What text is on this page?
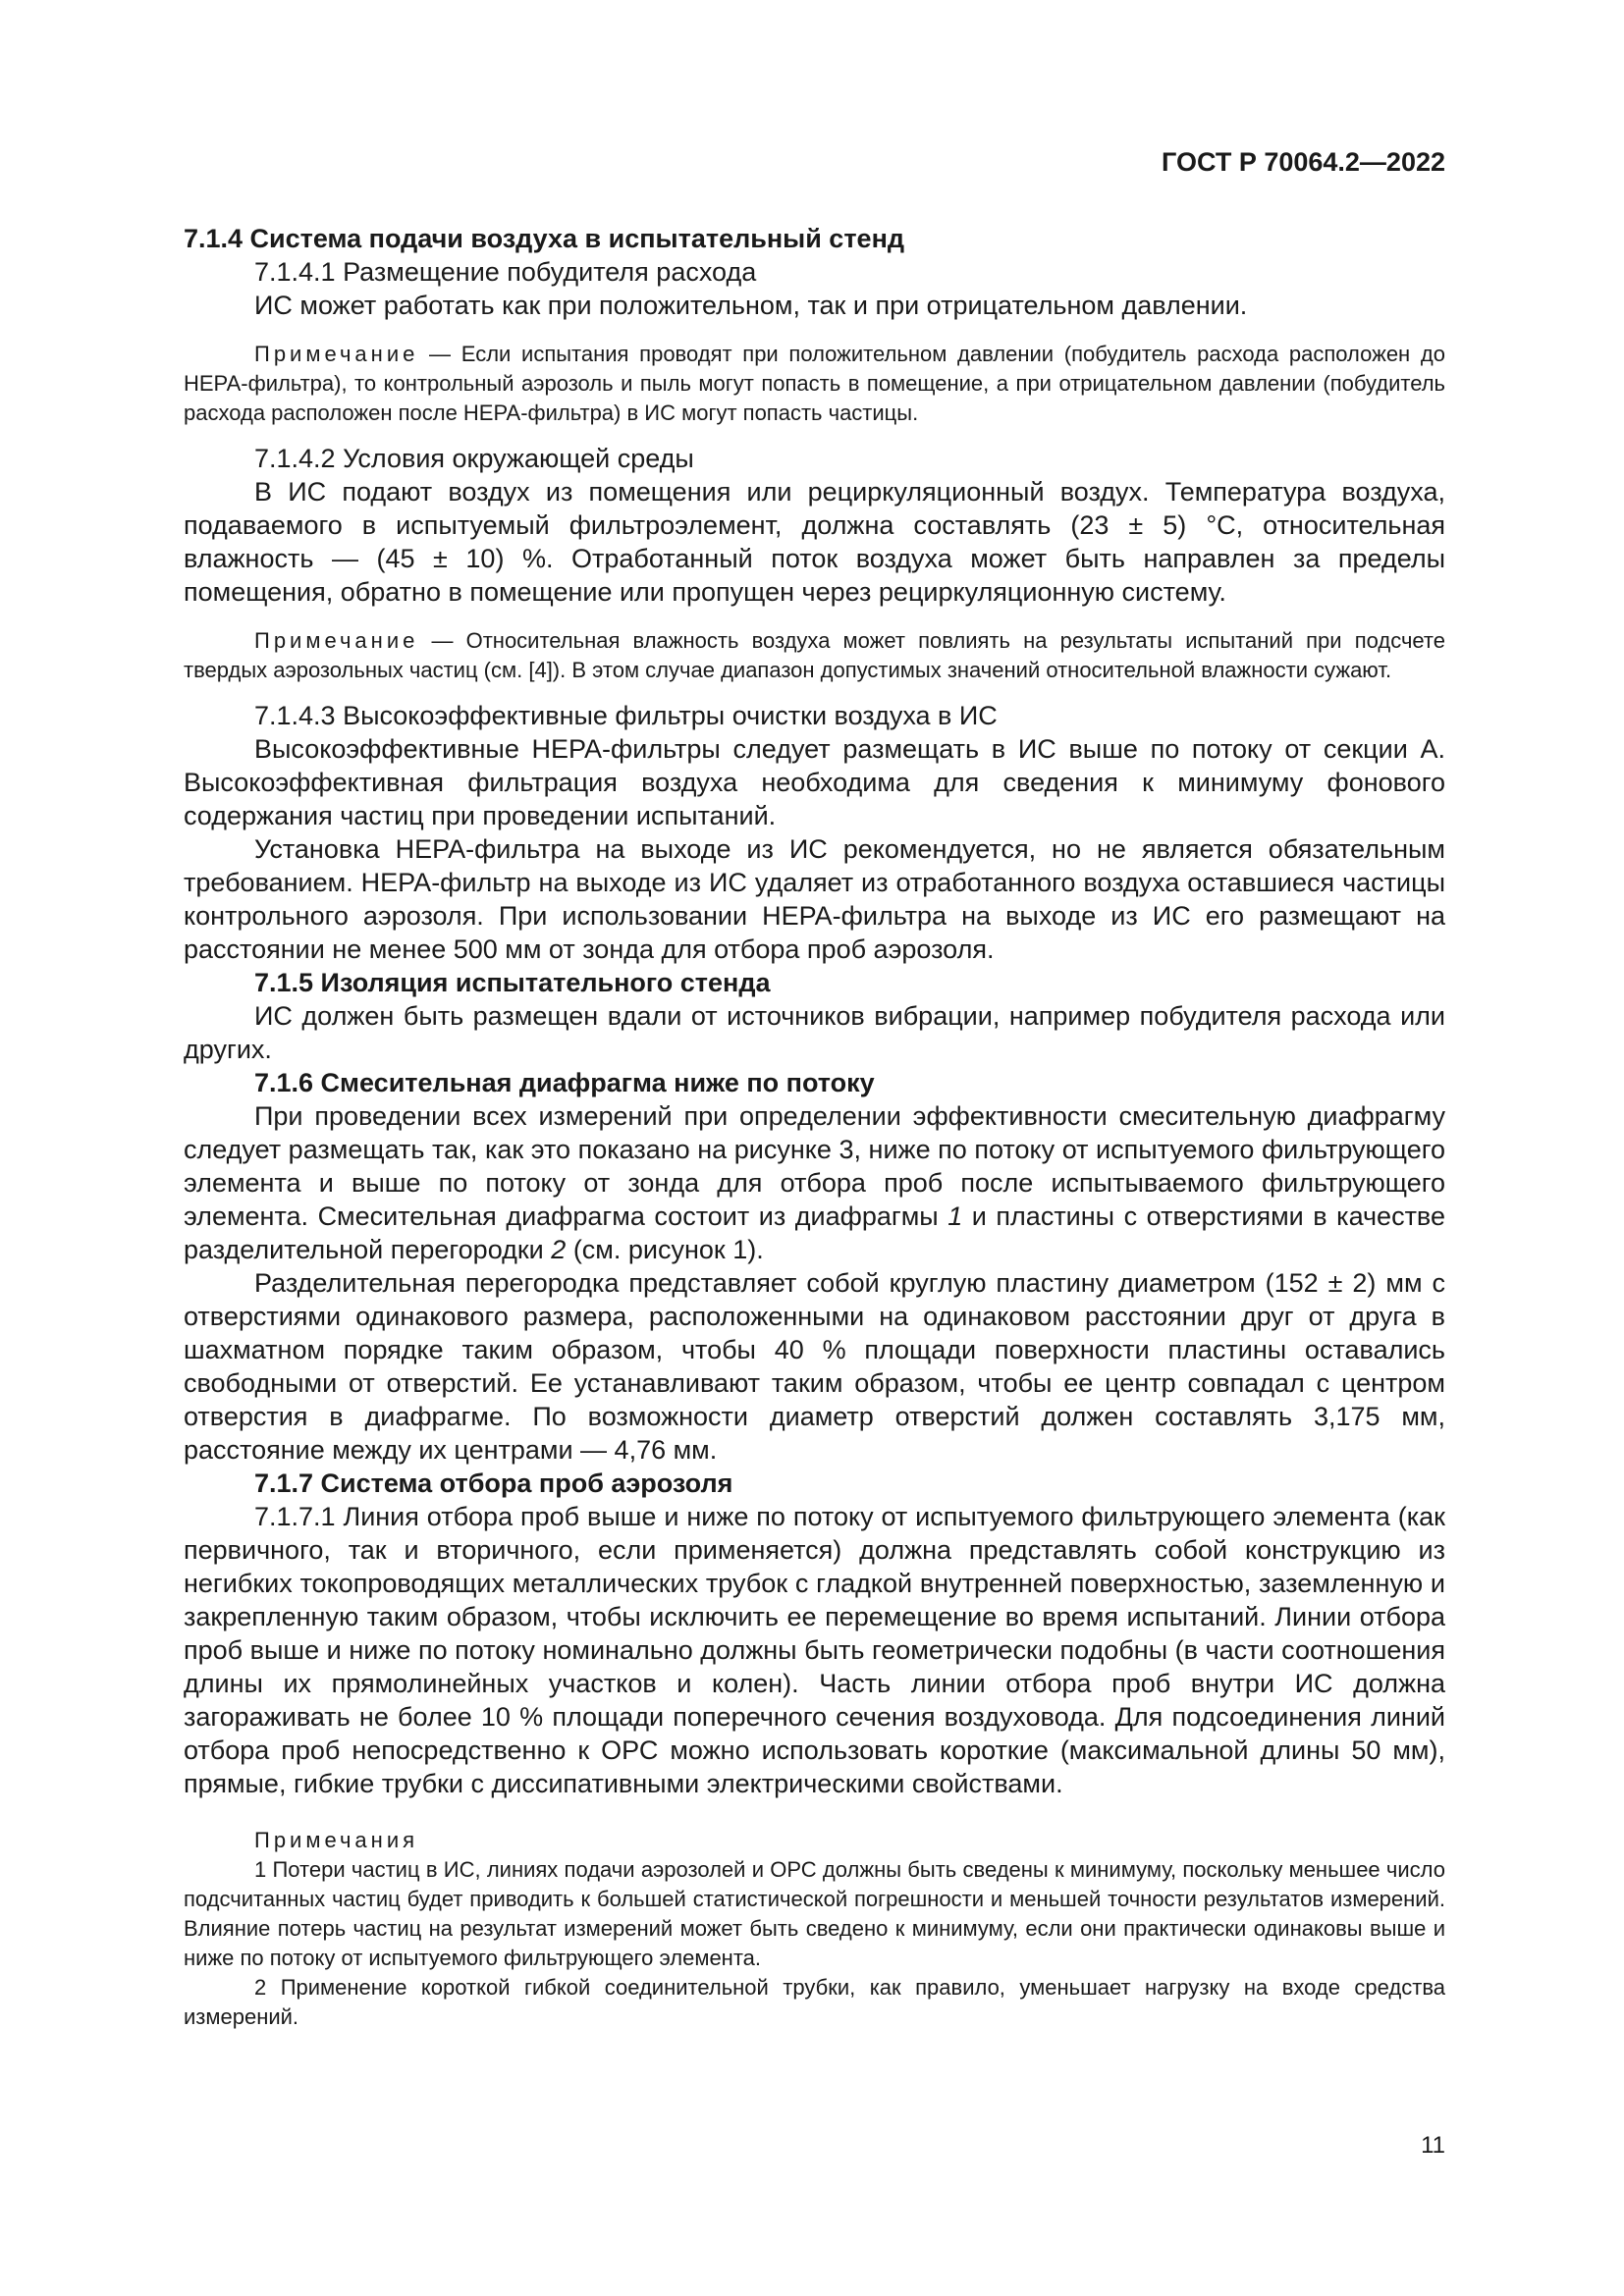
ГОСТ Р 70064.2—2022

7.1.4 Система подачи воздуха в испытательный стенд

7.1.4.1 Размещение побудителя расхода

ИС может работать как при положительном, так и при отрицательном давлении.

Примечание — Если испытания проводят при положительном давлении (побудитель расхода расположен до HEPA-фильтра), то контрольный аэрозоль и пыль могут попасть в помещение, а при отрицательном давлении (побудитель расхода расположен после HEPA-фильтра) в ИС могут попасть частицы.

7.1.4.2 Условия окружающей среды

В ИС подают воздух из помещения или рециркуляционный воздух. Температура воздуха, подаваемого в испытуемый фильтроэлемент, должна составлять (23 ± 5) °С, относительная влажность — (45 ± 10) %. Отработанный поток воздуха может быть направлен за пределы помещения, обратно в помещение или пропущен через рециркуляционную систему.

Примечание — Относительная влажность воздуха может повлиять на результаты испытаний при подсчете твердых аэрозольных частиц (см. [4]). В этом случае диапазон допустимых значений относительной влажности сужают.

7.1.4.3 Высокоэффективные фильтры очистки воздуха в ИС

Высокоэффективные HEPA-фильтры следует размещать в ИС выше по потоку от секции А. Высокоэффективная фильтрация воздуха необходима для сведения к минимуму фонового содержания частиц при проведении испытаний.

Установка HEPA-фильтра на выходе из ИС рекомендуется, но не является обязательным требованием. HEPA-фильтр на выходе из ИС удаляет из отработанного воздуха оставшиеся частицы контрольного аэрозоля. При использовании HEPA-фильтра на выходе из ИС его размещают на расстоянии не менее 500 мм от зонда для отбора проб аэрозоля.

7.1.5 Изоляция испытательного стенда

ИС должен быть размещен вдали от источников вибрации, например побудителя расхода или других.

7.1.6 Смесительная диафрагма ниже по потоку

При проведении всех измерений при определении эффективности смесительную диафрагму следует размещать так, как это показано на рисунке 3, ниже по потоку от испытуемого фильтрующего элемента и выше по потоку от зонда для отбора проб после испытываемого фильтрующего элемента. Смесительная диафрагма состоит из диафрагмы 1 и пластины с отверстиями в качестве разделительной перегородки 2 (см. рисунок 1).

Разделительная перегородка представляет собой круглую пластину диаметром (152 ± 2) мм с отверстиями одинакового размера, расположенными на одинаковом расстоянии друг от друга в шахматном порядке таким образом, чтобы 40 % площади поверхности пластины оставались свободными от отверстий. Ее устанавливают таким образом, чтобы ее центр совпадал с центром отверстия в диафрагме. По возможности диаметр отверстий должен составлять 3,175 мм, расстояние между их центрами — 4,76 мм.

7.1.7 Система отбора проб аэрозоля

7.1.7.1 Линия отбора проб выше и ниже по потоку от испытуемого фильтрующего элемента (как первичного, так и вторичного, если применяется) должна представлять собой конструкцию из негибких токопроводящих металлических трубок с гладкой внутренней поверхностью, заземленную и закрепленную таким образом, чтобы исключить ее перемещение во время испытаний. Линии отбора проб выше и ниже по потоку номинально должны быть геометрически подобны (в части соотношения длины их прямолинейных участков и колен). Часть линии отбора проб внутри ИС должна загораживать не более 10 % площади поперечного сечения воздуховода. Для подсоединения линий отбора проб непосредственно к ОРС можно использовать короткие (максимальной длины 50 мм), прямые, гибкие трубки с диссипативными электрическими свойствами.

Примечания

1 Потери частиц в ИС, линиях подачи аэрозолей и ОРС должны быть сведены к минимуму, поскольку меньшее число подсчитанных частиц будет приводить к большей статистической погрешности и меньшей точности результатов измерений. Влияние потерь частиц на результат измерений может быть сведено к минимуму, если они практически одинаковы выше и ниже по потоку от испытуемого фильтрующего элемента.

2 Применение короткой гибкой соединительной трубки, как правило, уменьшает нагрузку на входе средства измерений.

11
